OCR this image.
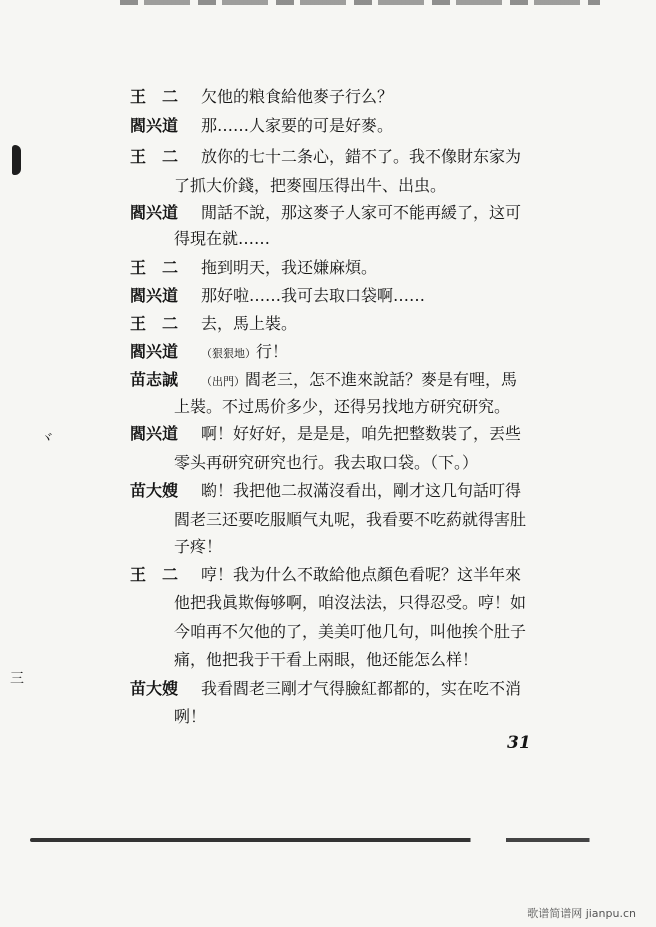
ヾ
三
王　二 欠他的粮食給他麥子行么？
閻兴道 那……人家要的可是好麥。
王　二 放你的七十二条心，錯不了。我不像財东家为
了抓大价錢，把麥囤压得出牛、出虫。
閻兴道 閒話不說，那这麥子人家可不能再緩了，这可
得現在就……
王　二 拖到明天，我还嫌麻煩。
閻兴道 那好啦……我可去取口袋啊……
王　二 去，馬上裝。
閻兴道 （狠狠地）行！
苗志誠 （出門）閻老三，怎不進來說話？麥是有哩，馬
上裝。不过馬价多少，还得另找地方研究研究。
閻兴道 啊！好好好，是是是，咱先把整数裝了，丟些
零头再研究研究也行。我去取口袋。（下。）
苗大嫂 喲！我把他二叔滿沒看出，剛才这几句話叮得
閻老三还要吃服順气丸呢，我看要不吃葯就得害肚
子疼！
王　二 哼！我为什么不敢給他点顏色看呢？这半年來
他把我眞欺侮够啊，咱沒法法，只得忍受。哼！如
今咱再不欠他的了，美美叮他几句，叫他挨个肚子
痛，他把我于干看上兩眼，他还能怎么样！
苗大嫂 我看閻老三剛才气得臉紅都都的，实在吃不消
咧！
31
歌谱简谱网 jianpu.cn
